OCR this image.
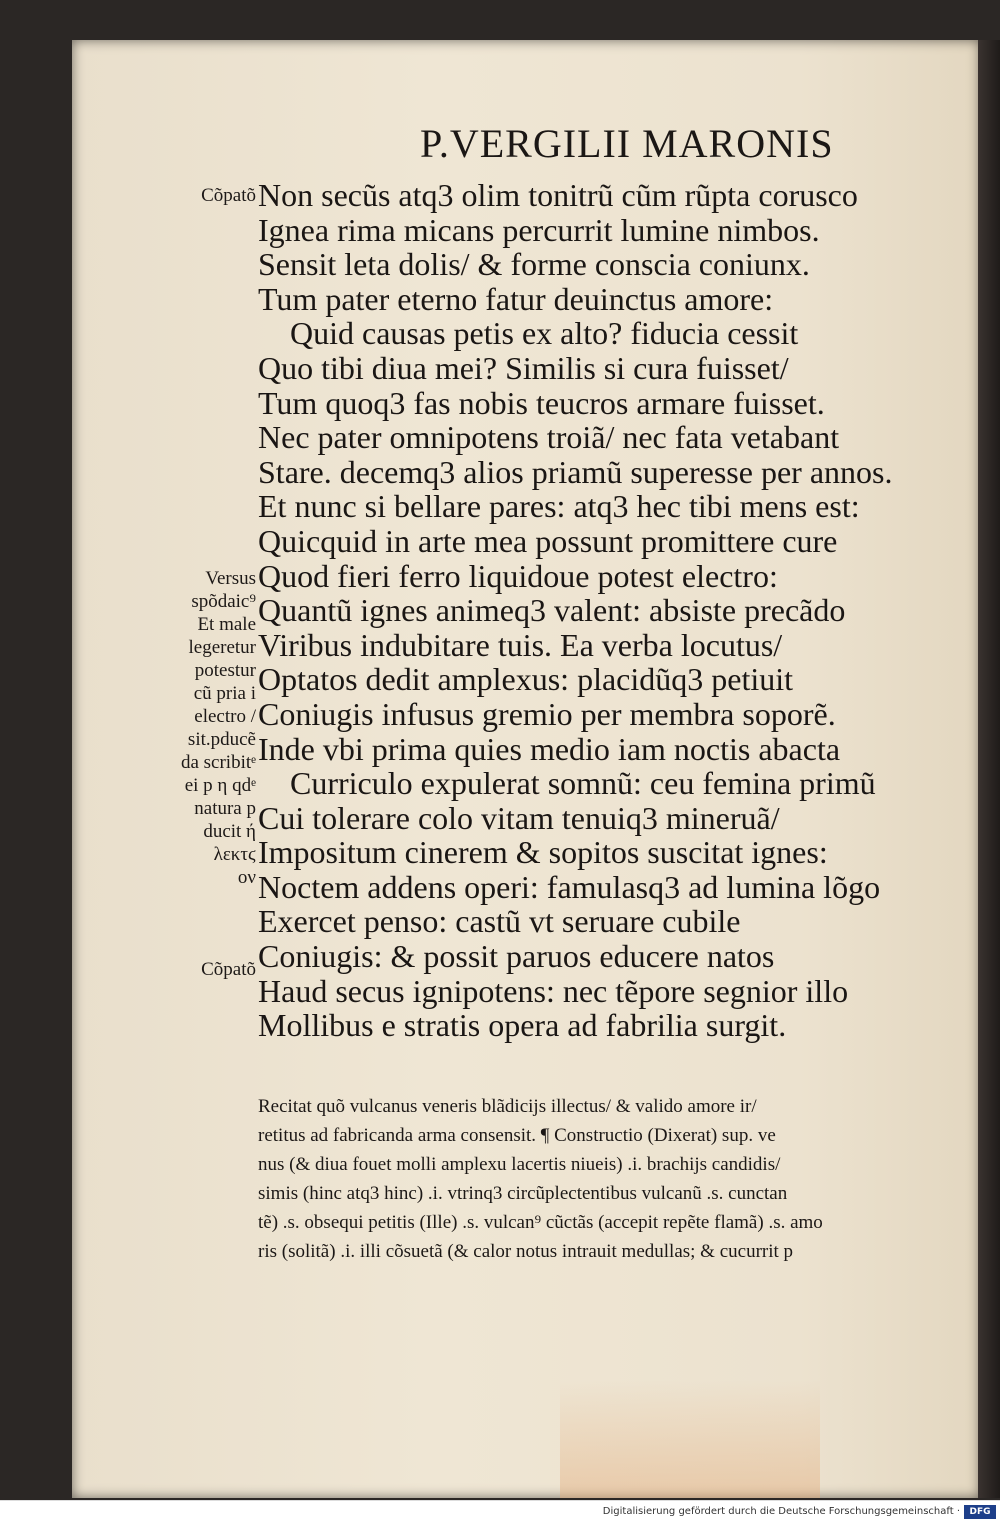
P.VERGILII MARONIS
Non secũs atq3 olim tonitrũ cũm rũpta corusco
Ignea rima micans percurrit lumine nimbos.
Sensit leta dolis/ & forme conscia coniunx.
Tum pater eterno fatur deuinctus amore:
Quid causas petis ex alto? fiducia cessit
Quo tibi diua mei? Similis si cura fuisset/
Tum quoq3 fas nobis teucros armare fuisset.
Nec pater omnipotens troiã/ nec fata vetabant
Stare. decemq3 alios priamũ superesse per annos.
Et nunc si bellare pares: atq3 hec tibi mens est:
Quicquid in arte mea possunt promittere cure
Quod fieri ferro liquidoue potest electro:
Quantũ ignes animeq3 valent: absiste precãdo
Viribus indubitare tuis. Ea verba locutus/
Optatos dedit amplexus: placidũq3 petiuit
Coniugis infusus gremio per membra soporẽ.
Inde vbi prima quies medio iam noctis abacta
Curriculo expulerat somnũ: ceu femina primũ
Cui tolerare colo vitam tenuiq3 mineruã/
Impositum cinerem & sopitos suscitat ignes:
Noctem addens operi: famulasq3 ad lumina lõgo
Exercet penso: castũ vt seruare cubile
Coniugis: & possit paruos educere natos
Haud secus ignipotens: nec tẽpore segnior illo
Mollibus e stratis opera ad fabrilia surgit.
Cõpatõ
Versus
spõdaic⁹
Et male
legeretur
potestur
cũ pria i
electro /
sit.pducẽ
da scribitᵉ
ei p η qdᵉ
natura p
ducit ή
λεκτϛ
ον
Cõpatõ
Recitat quõ vulcanus veneris blãdicijs illectus/ & valido amore ir/
retitus ad fabricanda arma consensit. ¶ Constructio (Dixerat) sup. ve
nus (& diua fouet molli amplexu lacertis niueis) .i. brachijs candidis/
simis (hinc atq3 hinc) .i. vtrinq3 circũplectentibus vulcanũ .s. cunctan
tẽ) .s. obsequi petitis (Ille) .s. vulcan⁹ cũctãs (accepit repẽte flamã) .s. amo
ris (solitã) .i. illi cõsuetã (& calor notus intrauit medullas; & cucurrit p
Digitalisierung gefördert durch die Deutsche Forschungsgemeinschaft ·	DFG
